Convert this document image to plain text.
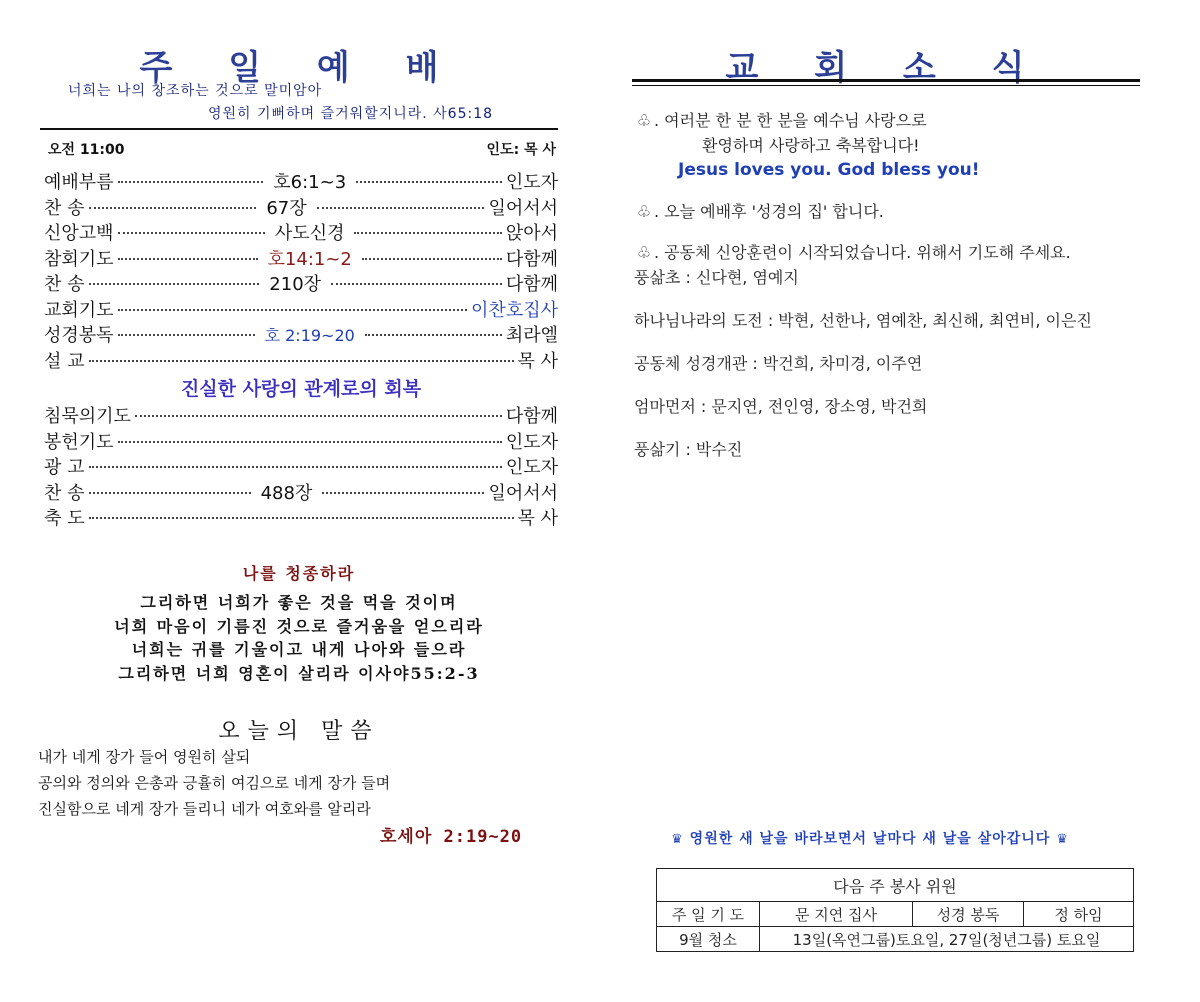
주 일 예 배
너희는 나의 창조하는 것으로 말미암아
영원히 기뻐하며 즐거워할지니라. 사65:18
오전 11:00	인도: 목 사
예배부름	호6:1~3	인도자
찬 송	67장	일어서서
신앙고백	사도신경	앉아서
참회기도	호14:1~2	다함께
찬 송	210장	다함께
교회기도	이찬호집사
성경봉독	호 2:19~20	최라엘
설 교	목 사
진실한 사랑의 관계로의 회복
침묵의기도	다함께
봉헌기도	인도자
광 고	인도자
찬 송	488장	일어서서
축 도	목 사
나를 청종하라
그리하면 너희가 좋은 것을 먹을 것이며
너희 마음이 기름진 것으로 즐거움을 얻으리라
너희는 귀를 기울이고 내게 나아와 들으라
그리하면 너희 영혼이 살리라 이사야55:2-3
오늘의 말씀
내가 네게 장가 들어 영원히 살되
공의와 정의와 은총과 긍휼히 여김으로 네게 장가 들며
진실함으로 네게 장가 들리니 네가 여호와를 알리라
호세아 2:19~20
교 회 소 식
♧ . 여러분 한 분 한 분을 예수님 사랑으로
환영하며 사랑하고 축복합니다!
Jesus loves you. God bless you!
♧ . 오늘 예배후 '성경의 집' 합니다.
♧ . 공동체 신앙훈련이 시작되었습니다. 위해서 기도해 주세요.
풍삶초 : 신다현, 염예지
하나님나라의 도전 : 박현, 선한나, 염예찬, 최신해, 최연비, 이은진
공동체 성경개관 : 박건희, 차미경, 이주연
엄마먼저 : 문지연, 전인영, 장소영, 박건희
풍삶기 : 박수진
♛ 영원한 새 날을 바라보면서 날마다 새 날을 살아갑니다 ♛
다음 주 봉사 위원			
주 일 기 도	문 지연 집사	성경 봉독	정 하임
9월 청소	13일(옥연그룹)토요일, 27일(청년그룹) 토요일		
